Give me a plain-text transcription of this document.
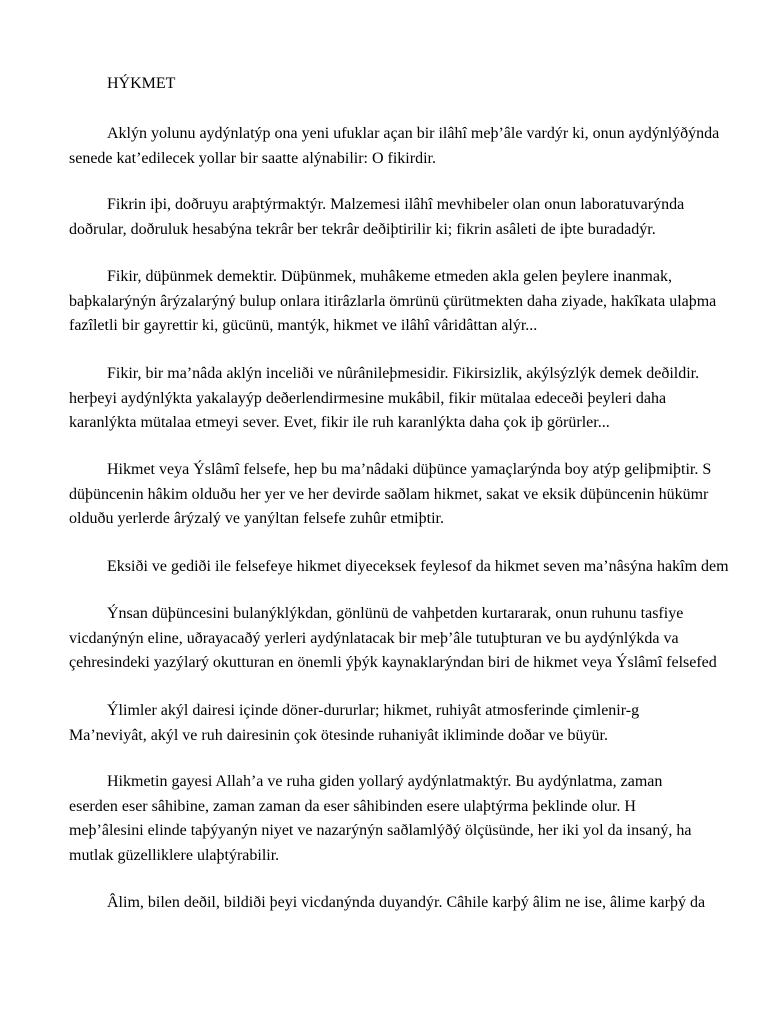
HÝKMET
Aklýn yolunu aydýnlatýp ona yeni ufuklar açan bir ilâhî meþ’âle vardýr ki, onun aydýnlýðýnda
senede kat’edilecek yollar bir saatte alýnabilir: O fikirdir.
Fikrin iþi, doðruyu araþtýrmaktýr. Malzemesi ilâhî mevhibeler olan onun laboratuvarýnda
doðrular, doðruluk hesabýna tekrâr ber tekrâr deðiþtirilir ki; fikrin asâleti de iþte buradadýr.
Fikir, düþünmek demektir. Düþünmek, muhâkeme etmeden akla gelen þeylere inanmak,
baþkalarýnýn ârýzalarýný bulup onlara itirâzlarla ömrünü çürütmekten daha ziyade, hakîkata ulaþma
fazîletli bir gayrettir ki, gücünü, mantýk, hikmet ve ilâhî vâridâttan alýr...
Fikir, bir ma’nâda aklýn inceliði ve nûrânileþmesidir. Fikirsizlik, akýlsýzlýk demek deðildir.
herþeyi aydýnlýkta yakalayýp deðerlendirmesine mukâbil, fikir mütalaa edeceði þeyleri daha
karanlýkta mütalaa etmeyi sever. Evet, fikir ile ruh karanlýkta daha çok iþ görürler...
Hikmet veya Ýslâmî felsefe, hep bu ma’nâdaki düþünce yamaçlarýnda boy atýp geliþmiþtir. S
düþüncenin hâkim olduðu her yer ve her devirde saðlam hikmet, sakat ve eksik düþüncenin hükümr
olduðu yerlerde ârýzalý ve yanýltan felsefe zuhûr etmiþtir.
Eksiði ve gediði ile felsefeye hikmet diyeceksek feylesof da hikmet seven ma’nâsýna hakîm dem
Ýnsan düþüncesini bulanýklýkdan, gönlünü de vahþetden kurtararak, onun ruhunu tasfiye
vicdanýnýn eline, uðrayacaðý yerleri aydýnlatacak bir meþ’âle tutuþturan ve bu aydýnlýkda va
çehresindeki yazýlarý okutturan en önemli ýþýk kaynaklarýndan biri de hikmet veya Ýslâmî felsefed
Ýlimler akýl dairesi içinde döner-dururlar; hikmet, ruhiyât atmosferinde çimlenir-g
Ma’neviyât, akýl ve ruh dairesinin çok ötesinde ruhaniyât ikliminde doðar ve büyür.
Hikmetin gayesi Allah’a ve ruha giden yollarý aydýnlatmaktýr. Bu aydýnlatma, zaman
eserden eser sâhibine, zaman zaman da eser sâhibinden esere ulaþtýrma þeklinde olur. H
meþ’âlesini elinde taþýyanýn niyet ve nazarýnýn saðlamlýðý ölçüsünde, her iki yol da insaný, ha
mutlak güzelliklere ulaþtýrabilir.
Âlim, bilen deðil, bildiði þeyi vicdanýnda duyandýr. Câhile karþý âlim ne ise, âlime karþý da
